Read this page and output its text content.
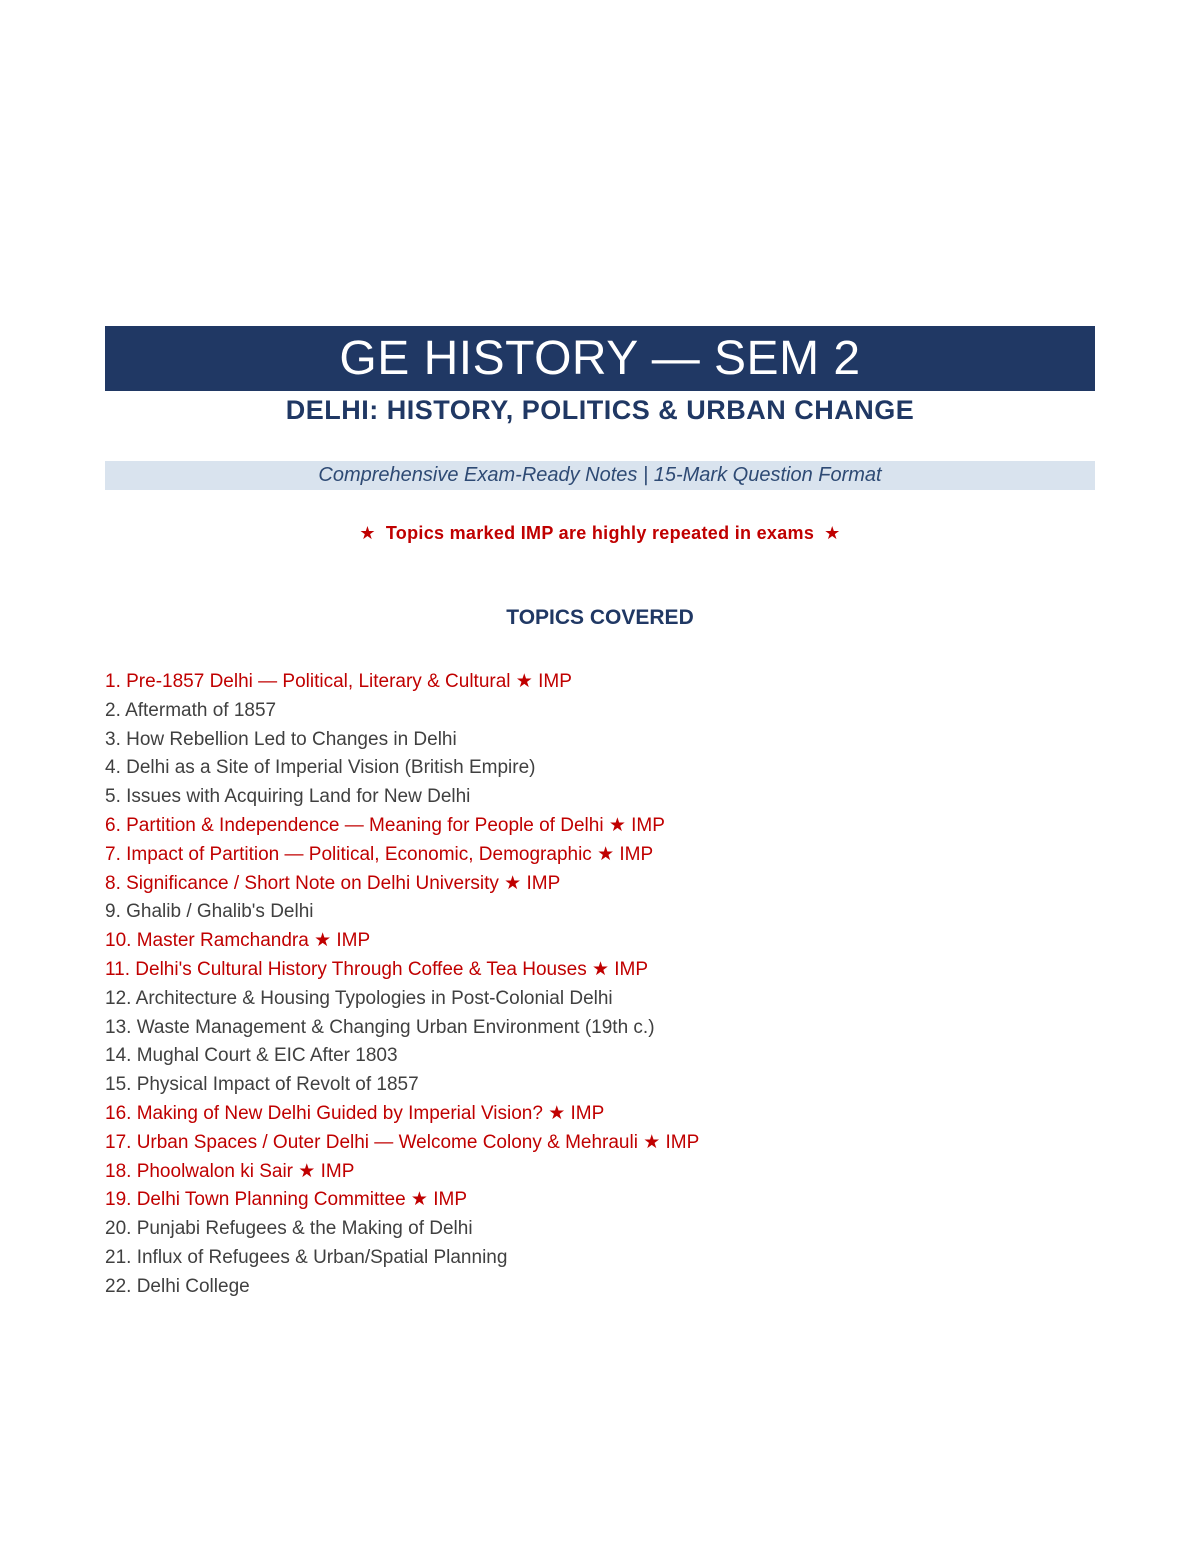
GE HISTORY — SEM 2
DELHI: HISTORY, POLITICS & URBAN CHANGE
Comprehensive Exam-Ready Notes | 15-Mark Question Format
★ Topics marked IMP are highly repeated in exams ★
TOPICS COVERED
1. Pre-1857 Delhi — Political, Literary & Cultural ★ IMP
2. Aftermath of 1857
3. How Rebellion Led to Changes in Delhi
4. Delhi as a Site of Imperial Vision (British Empire)
5. Issues with Acquiring Land for New Delhi
6. Partition & Independence — Meaning for People of Delhi ★ IMP
7. Impact of Partition — Political, Economic, Demographic ★ IMP
8. Significance / Short Note on Delhi University ★ IMP
9. Ghalib / Ghalib's Delhi
10. Master Ramchandra ★ IMP
11. Delhi's Cultural History Through Coffee & Tea Houses ★ IMP
12. Architecture & Housing Typologies in Post-Colonial Delhi
13. Waste Management & Changing Urban Environment (19th c.)
14. Mughal Court & EIC After 1803
15. Physical Impact of Revolt of 1857
16. Making of New Delhi Guided by Imperial Vision? ★ IMP
17. Urban Spaces / Outer Delhi — Welcome Colony & Mehrauli ★ IMP
18. Phoolwalon ki Sair ★ IMP
19. Delhi Town Planning Committee ★ IMP
20. Punjabi Refugees & the Making of Delhi
21. Influx of Refugees & Urban/Spatial Planning
22. Delhi College
